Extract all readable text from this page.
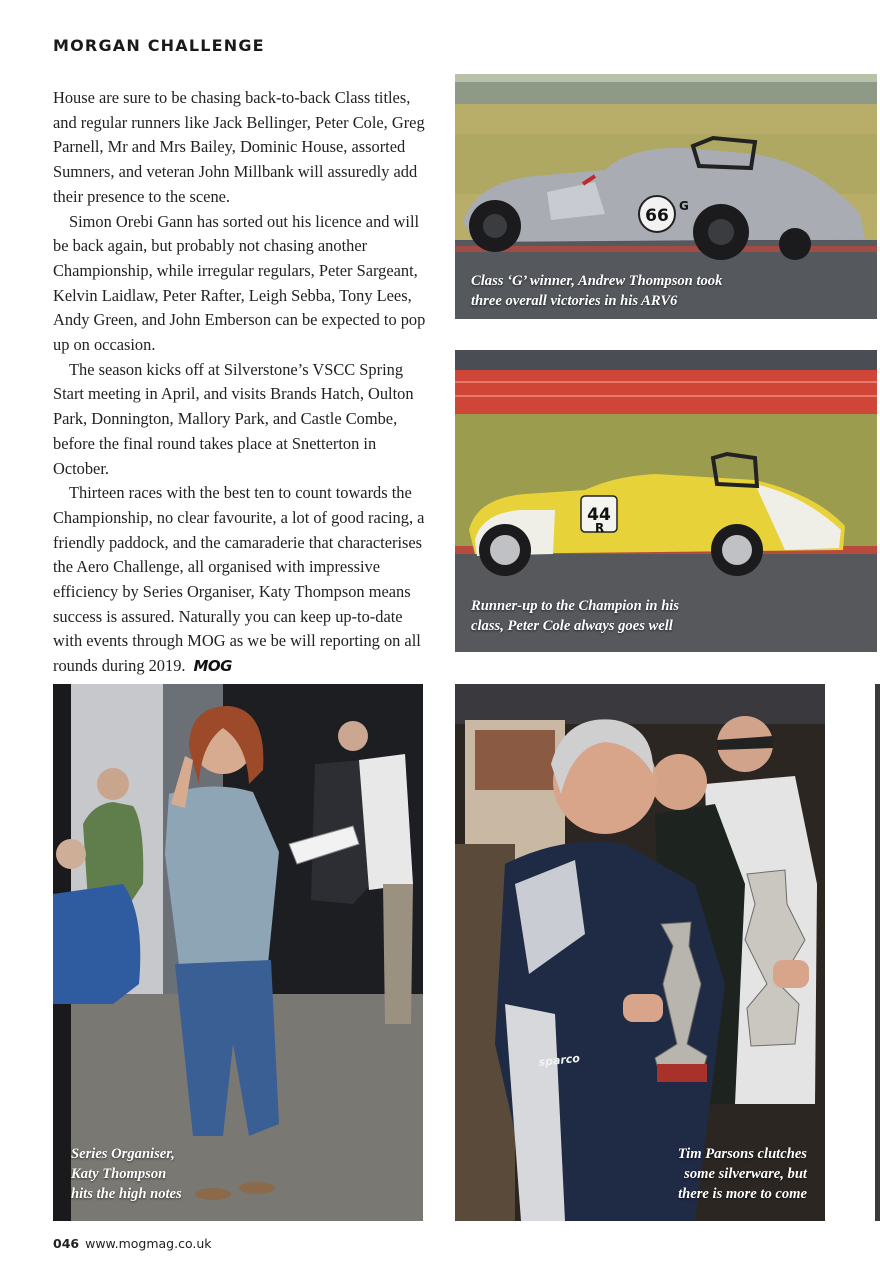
MORGAN CHALLENGE

House are sure to be chasing back-to-back Class titles, and regular runners like Jack Bellinger, Peter Cole, Greg Parnell, Mr and Mrs Bailey, Dominic House, assorted Sumners, and veteran John Millbank will assuredly add their presence to the scene.

Simon Orebi Gann has sorted out his licence and will be back again, but probably not chasing another Championship, while irregular regulars, Peter Sargeant, Kelvin Laidlaw, Peter Rafter, Leigh Sebba, Tony Lees, Andy Green, and John Emberson can be expected to pop up on occasion.

The season kicks off at Silverstone’s VSCC Spring Start meeting in April, and visits Brands Hatch, Oulton Park, Donnington, Mallory Park, and Castle Combe, before the final round takes place at Snetterton in October.

Thirteen races with the best ten to count towards the Championship, no clear favourite, a lot of good racing, a friendly paddock, and the camaraderie that characterises the Aero Challenge, all organised with impressive efficiency by Series Organiser, Katy Thompson means success is assured. Naturally you can keep up-to-date with events through MOG as we be will reporting on all rounds during 2019. MOG

66 G
Class ‘G’ winner, Andrew Thompson took
three overall victories in his ARV6
44
R
Runner-up to the Champion in his
class, Peter Cole always goes well
Series Organiser,
Katy Thompson
hits the high notes
sparco
Tim Parsons clutches
some silverware, but
there is more to come
046 www.mogmag.co.uk
